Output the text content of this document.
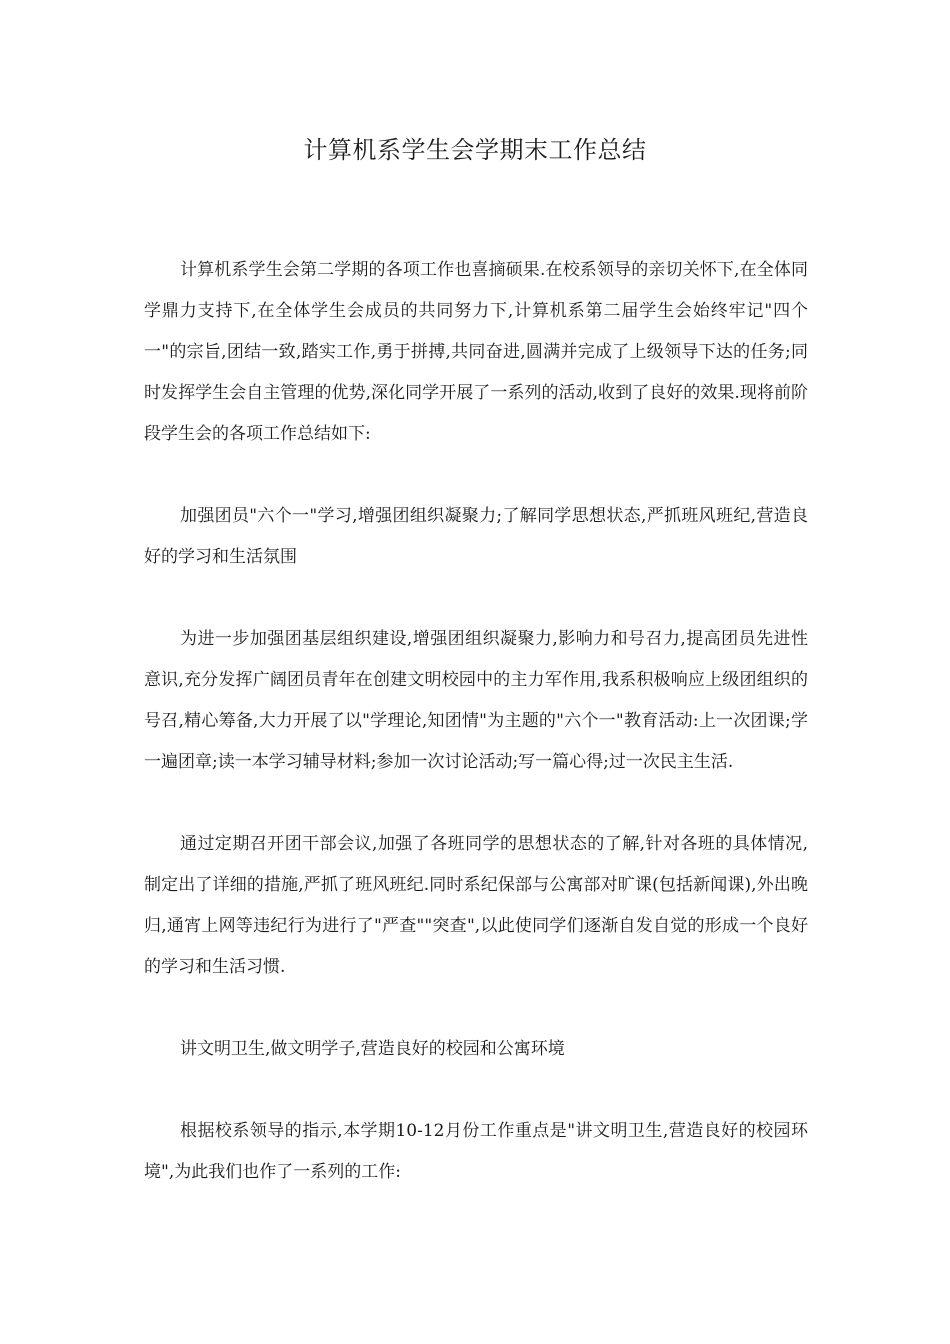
计算机系学生会学期末工作总结

计算机系学生会第二学期的各项工作也喜摘硕果.在校系领导的亲切关怀下,在全体同学鼎力支持下,在全体学生会成员的共同努力下,计算机系第二届学生会始终牢记"四个一"的宗旨,团结一致,踏实工作,勇于拼搏,共同奋进,圆满并完成了上级领导下达的任务;同时发挥学生会自主管理的优势,深化同学开展了一系列的活动,收到了良好的效果.现将前阶段学生会的各项工作总结如下:

加强团员"六个一"学习,增强团组织凝聚力;了解同学思想状态,严抓班风班纪,营造良好的学习和生活氛围

为进一步加强团基层组织建设,增强团组织凝聚力,影响力和号召力,提高团员先进性意识,充分发挥广阔团员青年在创建文明校园中的主力军作用,我系积极响应上级团组织的号召,精心筹备,大力开展了以"学理论,知团情"为主题的"六个一"教育活动:上一次团课;学一遍团章;读一本学习辅导材料;参加一次讨论活动;写一篇心得;过一次民主生活.

通过定期召开团干部会议,加强了各班同学的思想状态的了解,针对各班的具体情况,制定出了详细的措施,严抓了班风班纪.同时系纪保部与公寓部对旷课(包括新闻课),外出晚归,通宵上网等违纪行为进行了"严查""突查",以此使同学们逐渐自发自觉的形成一个良好的学习和生活习惯.

讲文明卫生,做文明学子,营造良好的校园和公寓环境

根据校系领导的指示,本学期10-12月份工作重点是"讲文明卫生,营造良好的校园环境",为此我们也作了一系列的工作:
